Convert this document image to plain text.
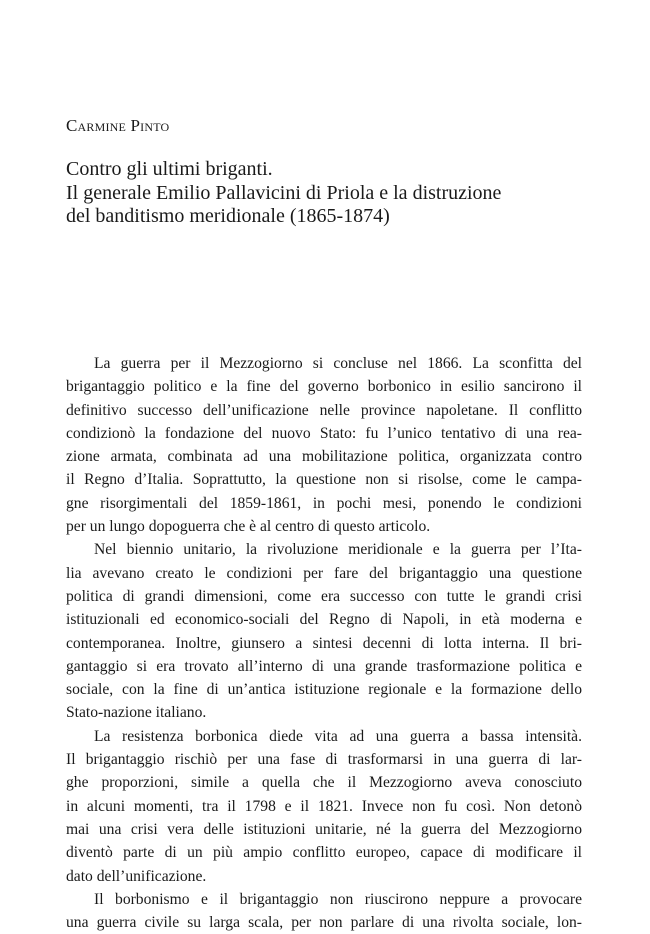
Carmine Pinto
Contro gli ultimi briganti.
Il generale Emilio Pallavicini di Priola e la distruzione
del banditismo meridionale (1865-1874)
La guerra per il Mezzogiorno si concluse nel 1866. La sconfitta del
brigantaggio politico e la fine del governo borbonico in esilio sancirono il
definitivo successo dell’unificazione nelle province napoletane. Il conflitto
condizionò la fondazione del nuovo Stato: fu l’unico tentativo di una rea-
zione armata, combinata ad una mobilitazione politica, organizzata contro
il Regno d’Italia. Soprattutto, la questione non si risolse, come le campa-
gne risorgimentali del 1859-1861, in pochi mesi, ponendo le condizioni
per un lungo dopoguerra che è al centro di questo articolo.
Nel biennio unitario, la rivoluzione meridionale e la guerra per l’Ita-
lia avevano creato le condizioni per fare del brigantaggio una questione
politica di grandi dimensioni, come era successo con tutte le grandi crisi
istituzionali ed economico-sociali del Regno di Napoli, in età moderna e
contemporanea. Inoltre, giunsero a sintesi decenni di lotta interna. Il bri-
gantaggio si era trovato all’interno di una grande trasformazione politica e
sociale, con la fine di un’antica istituzione regionale e la formazione dello
Stato-nazione italiano.
La resistenza borbonica diede vita ad una guerra a bassa intensità.
Il brigantaggio rischiò per una fase di trasformarsi in una guerra di lar-
ghe proporzioni, simile a quella che il Mezzogiorno aveva conosciuto
in alcuni momenti, tra il 1798 e il 1821. Invece non fu così. Non detonò
mai una crisi vera delle istituzioni unitarie, né la guerra del Mezzogiorno
diventò parte di un più ampio conflitto europeo, capace di modificare il
dato dell’unificazione.
Il borbonismo e il brigantaggio non riuscirono neppure a provocare
una guerra civile su larga scala, per non parlare di una rivolta sociale, lon-
